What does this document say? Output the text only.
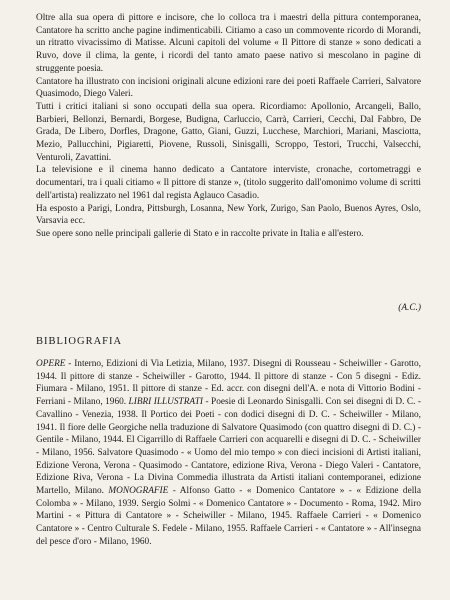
Oltre alla sua opera di pittore e incisore, che lo colloca tra i maestri della pittura contemporanea, Cantatore ha scritto anche pagine indimenticabili. Citiamo a caso un commovente ricordo di Morandi, un ritratto vivacissimo di Matisse. Alcuni capitoli del volume « Il Pittore di stanze » sono dedicati a Ruvo, dove il clima, la gente, i ricordi del tanto amato paese nativo si mescolano in pagine di struggente poesia.

Cantatore ha illustrato con incisioni originali alcune edizioni rare dei poeti Raffaele Carrieri, Salvatore Quasimodo, Diego Valeri.

Tutti i critici italiani si sono occupati della sua opera. Ricordiamo: Apollonio, Arcangeli, Ballo, Barbieri, Bellonzi, Bernardi, Borgese, Budigna, Carluccio, Carrà, Carrieri, Cecchi, Dal Fabbro, De Grada, De Libero, Dorfles, Dragone, Gatto, Giani, Guzzi, Lucchese, Marchiori, Mariani, Masciotta, Mezio, Pallucchini, Pigiaretti, Piovene, Russoli, Sinisgalli, Scroppo, Testori, Trucchi, Valsecchi, Venturoli, Zavattini.

La televisione e il cinema hanno dedicato a Cantatore interviste, cronache, cortometraggi e documentari, tra i quali citiamo « Il pittore di stanze », (titolo suggerito dall'omonimo volume di scritti dell'artista) realizzato nel 1961 dal regista Aglauco Casadio.

Ha esposto a Parigi, Londra, Pittsburgh, Losanna, New York, Zurigo, San Paolo, Buenos Ayres, Oslo, Varsavia ecc.

Sue opere sono nelle principali gallerie di Stato e in raccolte private in Italia e all'estero.

(A.C.)
BIBLIOGRAFIA

OPERE - Interno, Edizioni di Via Letizia, Milano, 1937. Disegni di Rousseau - Scheiwiller - Garotto, 1944. Il pittore di stanze - Scheiwiller - Garotto, 1944. Il pittore di stanze - Con 5 disegni - Ediz. Fiumara - Milano, 1951. Il pittore di stanze - Ed. accr. con disegni dell'A. e nota di Vittorio Bodini - Ferriani - Milano, 1960. LIBRI ILLUSTRATI - Poesie di Leonardo Sinisgalli. Con sei disegni di D. C. - Cavallino - Venezia, 1938. Il Portico dei Poeti - con dodici disegni di D. C. - Scheiwiller - Milano, 1941. Il fiore delle Georgiche nella traduzione di Salvatore Quasimodo (con quattro disegni di D. C.) - Gentile - Milano, 1944. El Cigarrillo di Raffaele Carrieri con acquarelli e disegni di D. C. - Scheiwiller - Milano, 1956. Salvatore Quasimodo - « Uomo del mio tempo » con dieci incisioni di Artisti italiani, Edizione Verona, Verona - Quasimodo - Cantatore, edizione Riva, Verona - Diego Valeri - Cantatore, Edizione Riva, Verona - La Divina Commedia illustrata da Artisti italiani contemporanei, edizione Martello, Milano. MONOGRAFIE - Alfonso Gatto - « Domenico Cantatore » - « Edizione della Colomba » - Milano, 1939. Sergio Solmi - « Domenico Cantatore » - Documento - Roma, 1942. Miro Martini - « Pittura di Cantatore » - Scheiwiller - Milano, 1945. Raffaele Carrieri - « Domenico Cantatore » - Centro Culturale S. Fedele - Milano, 1955. Raffaele Carrieri - « Cantatore » - All'insegna del pesce d'oro - Milano, 1960.
